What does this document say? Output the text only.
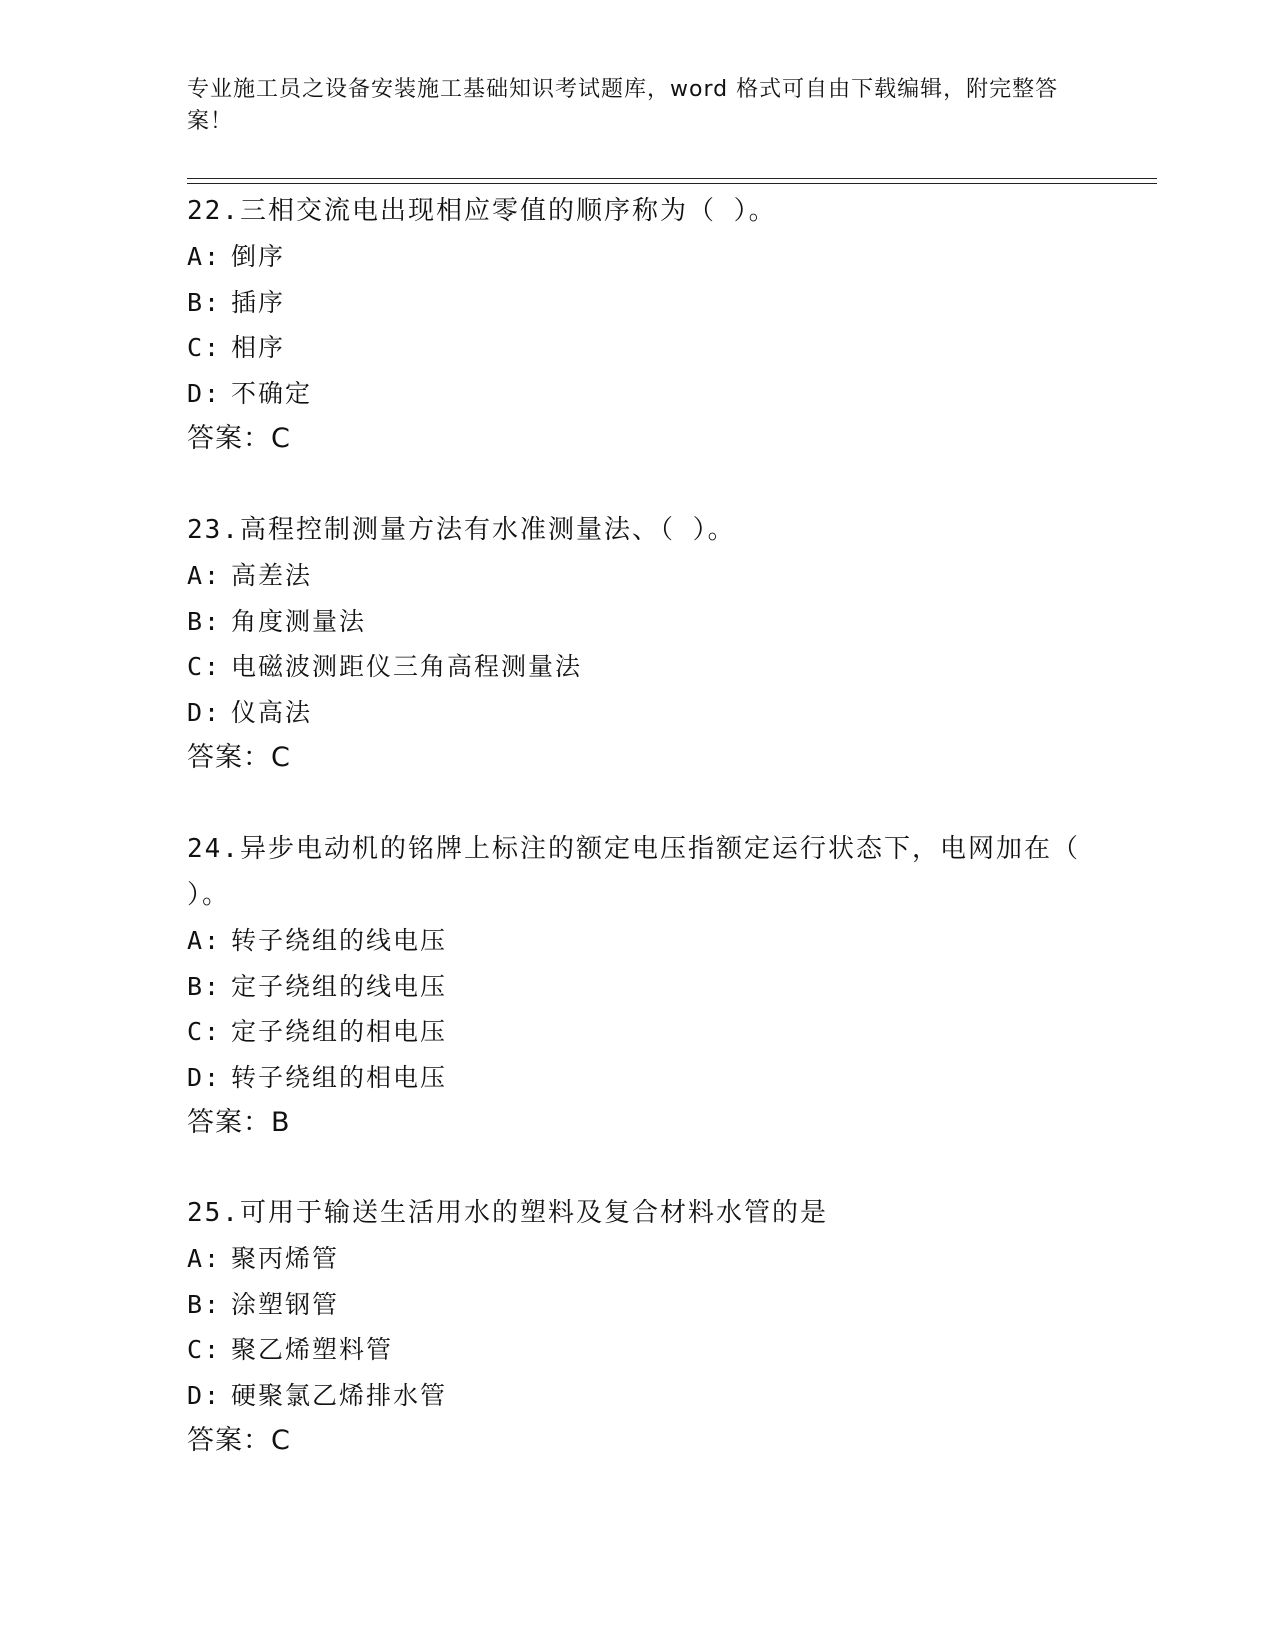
专业施工员之设备安装施工基础知识考试题库，word 格式可自由下载编辑，附完整答案！

22.三相交流电出现相应零值的顺序称为（ ）。

A: 倒序

B: 插序

C: 相序

D: 不确定

答案：C

23.高程控制测量方法有水准测量法、（ ）。

A: 高差法

B: 角度测量法

C: 电磁波测距仪三角高程测量法

D: 仪高法

答案：C

24.异步电动机的铭牌上标注的额定电压指额定运行状态下，电网加在（ ）。

A: 转子绕组的线电压

B: 定子绕组的线电压

C: 定子绕组的相电压

D: 转子绕组的相电压

答案：B

25.可用于输送生活用水的塑料及复合材料水管的是

A: 聚丙烯管

B: 涂塑钢管

C: 聚乙烯塑料管

D: 硬聚氯乙烯排水管

答案：C
